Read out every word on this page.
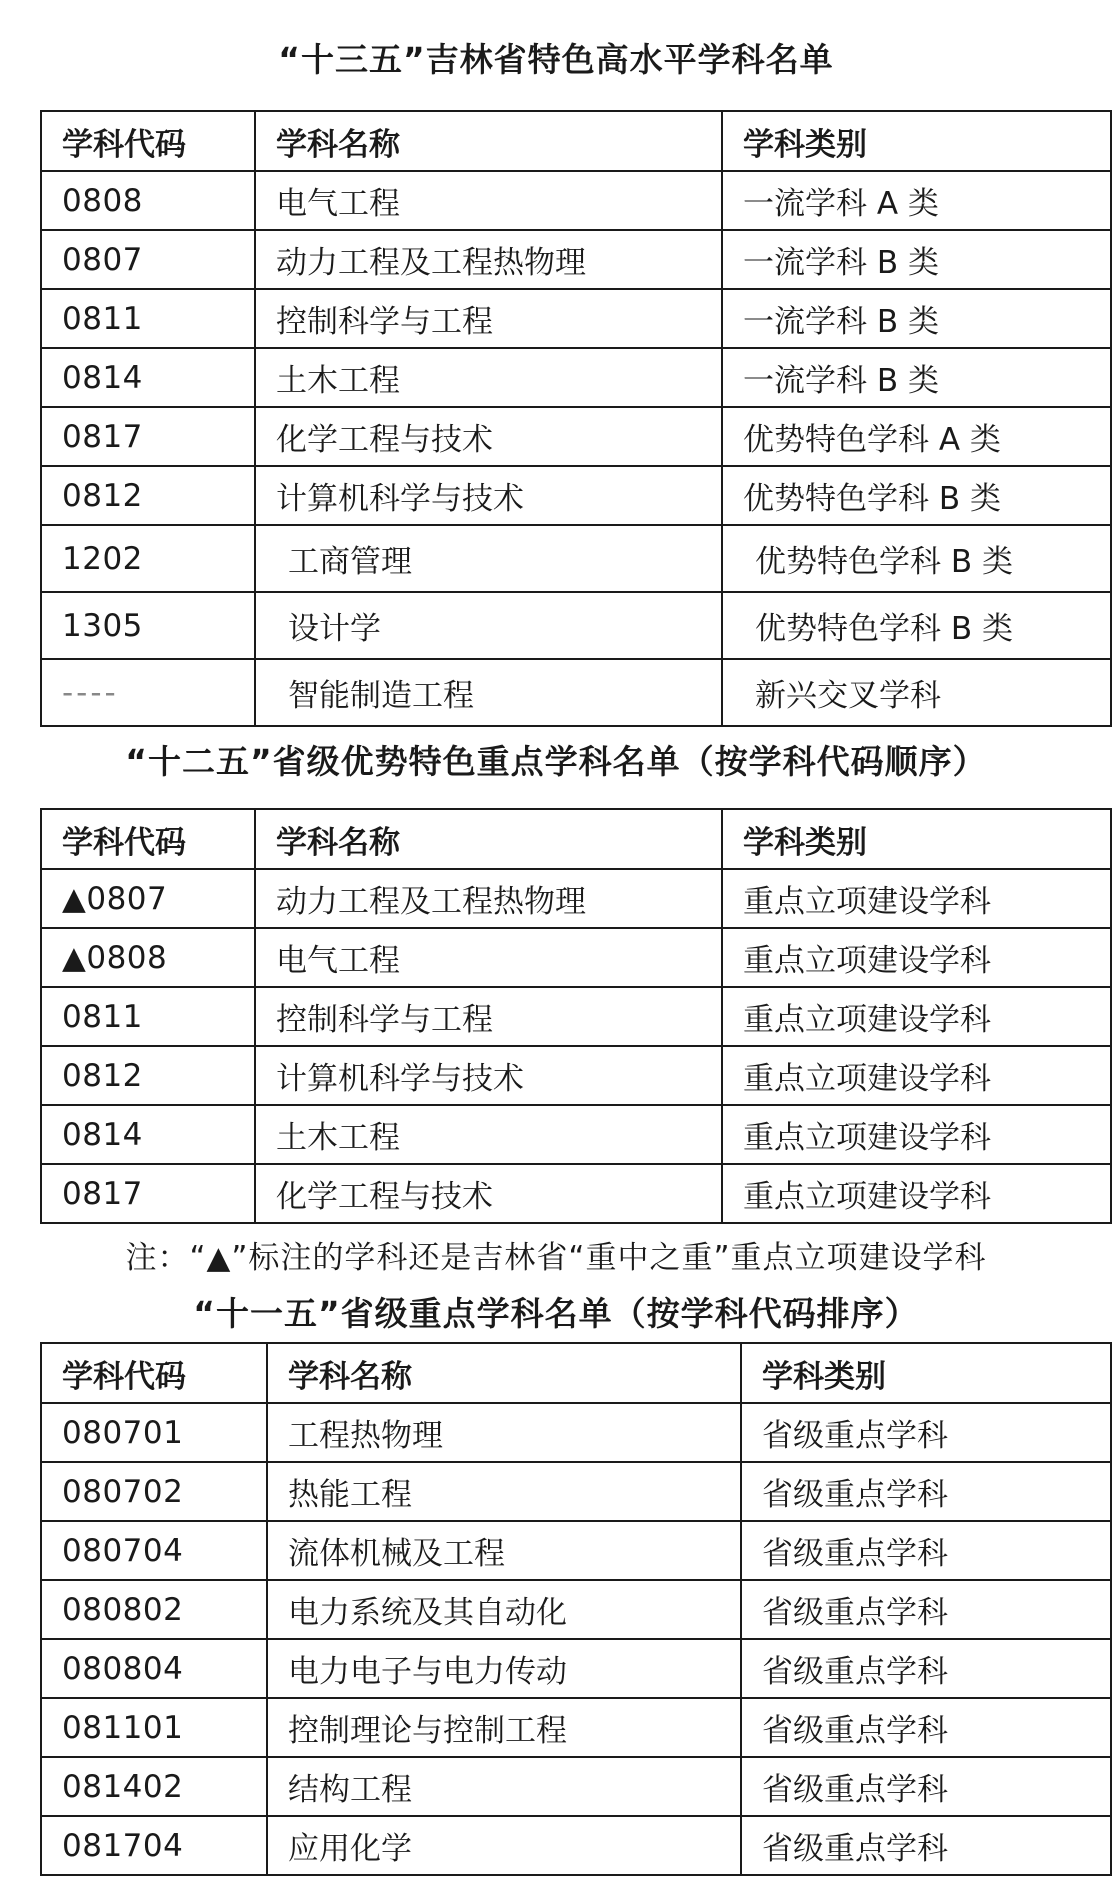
“十三五”吉林省特色高水平学科名单
学科代码	学科名称	学科类别
0808	电气工程	一流学科 A 类
0807	动力工程及工程热物理	一流学科 B 类
0811	控制科学与工程	一流学科 B 类
0814	土木工程	一流学科 B 类
0817	化学工程与技术	优势特色学科 A 类
0812	计算机科学与技术	优势特色学科 B 类
1202	工商管理	优势特色学科 B 类
1305	设计学	优势特色学科 B 类
----	智能制造工程	新兴交叉学科
“十二五”省级优势特色重点学科名单（按学科代码顺序）
学科代码	学科名称	学科类别
▲0807	动力工程及工程热物理	重点立项建设学科
▲0808	电气工程	重点立项建设学科
0811	控制科学与工程	重点立项建设学科
0812	计算机科学与技术	重点立项建设学科
0814	土木工程	重点立项建设学科
0817	化学工程与技术	重点立项建设学科
注：“▲”标注的学科还是吉林省“重中之重”重点立项建设学科
“十一五”省级重点学科名单（按学科代码排序）
学科代码	学科名称	学科类别
080701	工程热物理	省级重点学科
080702	热能工程	省级重点学科
080704	流体机械及工程	省级重点学科
080802	电力系统及其自动化	省级重点学科
080804	电力电子与电力传动	省级重点学科
081101	控制理论与控制工程	省级重点学科
081402	结构工程	省级重点学科
081704	应用化学	省级重点学科
